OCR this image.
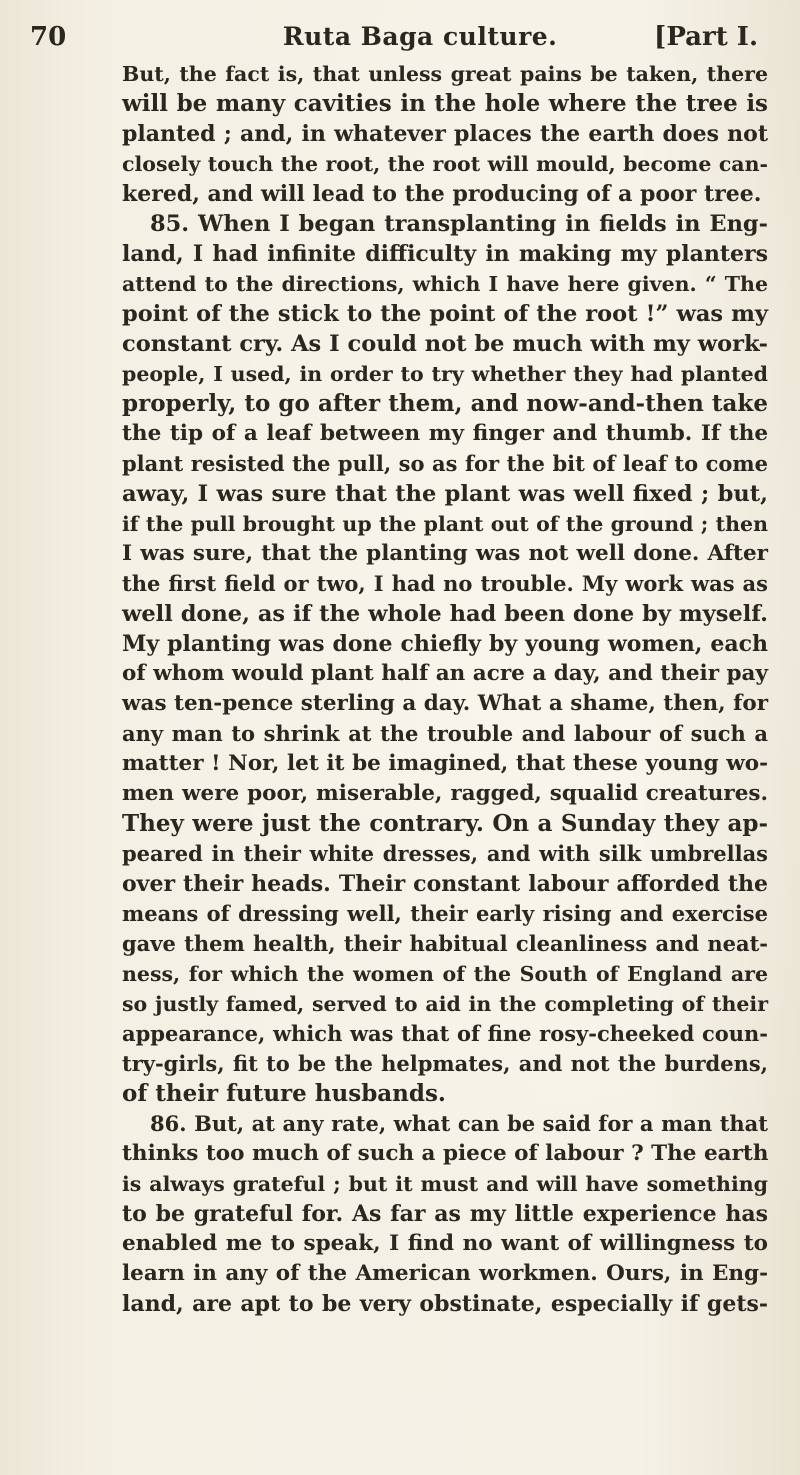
70	Ruta Baga culture.	[Part I.
But, the fact is, that unless great pains be taken, there
will be many cavities in the hole where the tree is
planted ; and, in whatever places the earth does not
closely touch the root, the root will mould, become can-
kered, and will lead to the producing of a poor tree.
85. When I began transplanting in fields in Eng-
land, I had infinite difficulty in making my planters
attend to the directions, which I have here given. “ The
point of the stick to the point of the root !” was my
constant cry. As I could not be much with my work-
people, I used, in order to try whether they had planted
properly, to go after them, and now-and-then take
the tip of a leaf between my finger and thumb. If the
plant resisted the pull, so as for the bit of leaf to come
away, I was sure that the plant was well fixed ; but,
if the pull brought up the plant out of the ground ; then
I was sure, that the planting was not well done. After
the first field or two, I had no trouble. My work was as
well done, as if the whole had been done by myself.
My planting was done chiefly by young women, each
of whom would plant half an acre a day, and their pay
was ten-pence sterling a day. What a shame, then, for
any man to shrink at the trouble and labour of such a
matter ! Nor, let it be imagined, that these young wo-
men were poor, miserable, ragged, squalid creatures.
They were just the contrary. On a Sunday they ap-
peared in their white dresses, and with silk umbrellas
over their heads. Their constant labour afforded the
means of dressing well, their early rising and exercise
gave them health, their habitual cleanliness and neat-
ness, for which the women of the South of England are
so justly famed, served to aid in the completing of their
appearance, which was that of fine rosy-cheeked coun-
try-girls, fit to be the helpmates, and not the burdens,
of their future husbands.
86. But, at any rate, what can be said for a man that
thinks too much of such a piece of labour ? The earth
is always grateful ; but it must and will have something
to be grateful for. As far as my little experience has
enabled me to speak, I find no want of willingness to
learn in any of the American workmen. Ours, in Eng-
land, are apt to be very obstinate, especially if gets-
